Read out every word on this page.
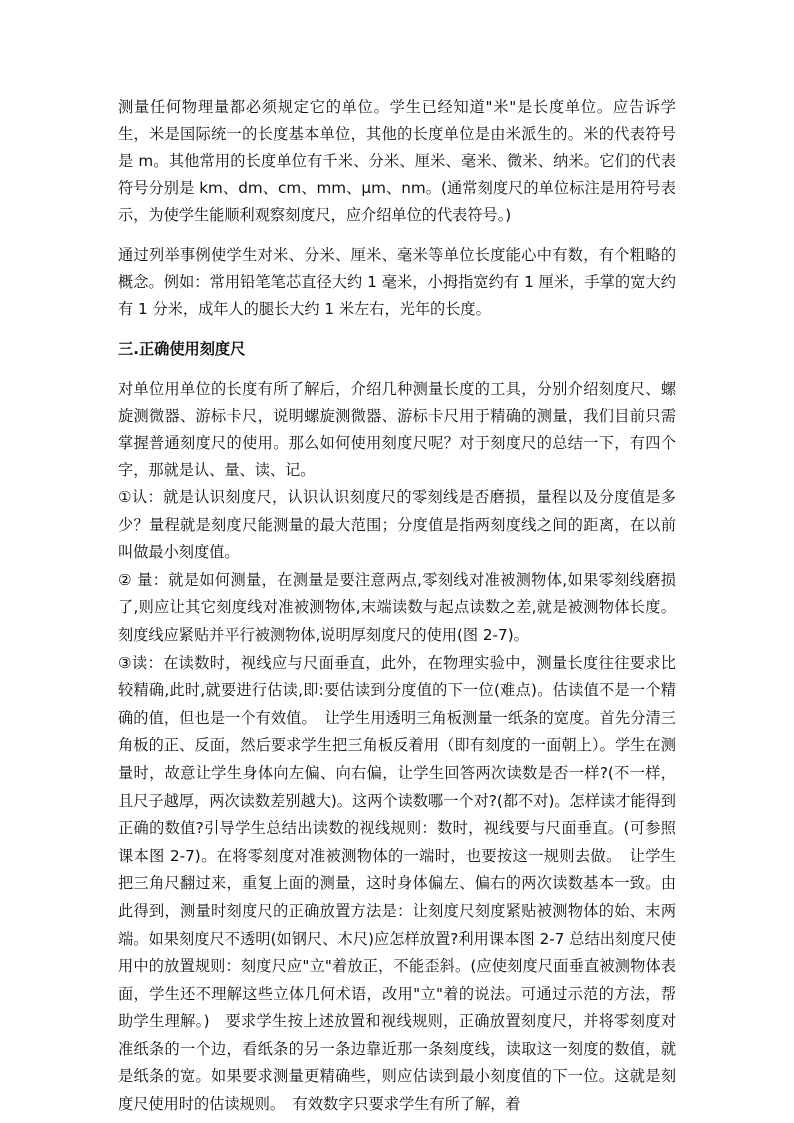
测量任何物理量都必须规定它的单位。学生已经知道"米"是长度单位。应告诉学生，米是国际统一的长度基本单位，其他的长度单位是由米派生的。米的代表符号是 m。其他常用的长度单位有千米、分米、厘米、毫米、微米、纳米。它们的代表符号分别是 km、dm、cm、mm、μm、nm。(通常刻度尺的单位标注是用符号表示，为使学生能顺利观察刻度尺，应介绍单位的代表符号。)

通过列举事例使学生对米、分米、厘米、毫米等单位长度能心中有数，有个粗略的概念。例如：常用铅笔笔芯直径大约 1 毫米，小拇指宽约有 1 厘米，手掌的宽大约有 1 分米，成年人的腿长大约 1 米左右，光年的长度。

三.正确使用刻度尺

对单位用单位的长度有所了解后，介绍几种测量长度的工具，分别介绍刻度尺、螺旋测微器、游标卡尺，说明螺旋测微器、游标卡尺用于精确的测量，我们目前只需掌握普通刻度尺的使用。那么如何使用刻度尺呢？对于刻度尺的总结一下，有四个字，那就是认、量、读、记。

①认：就是认识刻度尺，认识认识刻度尺的零刻线是否磨损，量程以及分度值是多少？量程就是刻度尺能测量的最大范围；分度值是指两刻度线之间的距离，在以前叫做最小刻度值。

② 量：就是如何测量，在测量是要注意两点,零刻线对准被测物体,如果零刻线磨损了,则应让其它刻度线对准被测物体,末端读数与起点读数之差,就是被测物体长度。刻度线应紧贴并平行被测物体,说明厚刻度尺的使用(图 2-7)。

③读：在读数时，视线应与尺面垂直，此外，在物理实验中，测量长度往往要求比较精确,此时,就要进行估读,即:要估读到分度值的下一位(难点)。估读值不是一个精确的值，但也是一个有效值。　让学生用透明三角板测量一纸条的宽度。首先分清三角板的正、反面，然后要求学生把三角板反着用（即有刻度的一面朝上）。学生在测量时，故意让学生身体向左偏、向右偏，让学生回答两次读数是否一样?(不一样，且尺子越厚，两次读数差别越大)。这两个读数哪一个对?(都不对)。怎样读才能得到正确的数值?引导学生总结出读数的视线规则：数时，视线要与尺面垂直。(可参照课本图 2-7)。在将零刻度对准被测物体的一端时，也要按这一规则去做。　让学生把三角尺翻过来，重复上面的测量，这时身体偏左、偏右的两次读数基本一致。由此得到，测量时刻度尺的正确放置方法是：让刻度尺刻度紧贴被测物体的始、末两端。如果刻度尺不透明(如钢尺、木尺)应怎样放置?利用课本图 2-7 总结出刻度尺使用中的放置规则：刻度尺应"立"着放正，不能歪斜。(应使刻度尺面垂直被测物体表面，学生还不理解这些立体几何术语，改用"立"着的说法。可通过示范的方法，帮助学生理解。)　要求学生按上述放置和视线规则，正确放置刻度尺，并将零刻度对准纸条的一个边，看纸条的另一条边靠近那一条刻度线，读取这一刻度的数值，就是纸条的宽。如果要求测量更精确些，则应估读到最小刻度值的下一位。这就是刻度尺使用时的估读规则。　有效数字只要求学生有所了解，着
